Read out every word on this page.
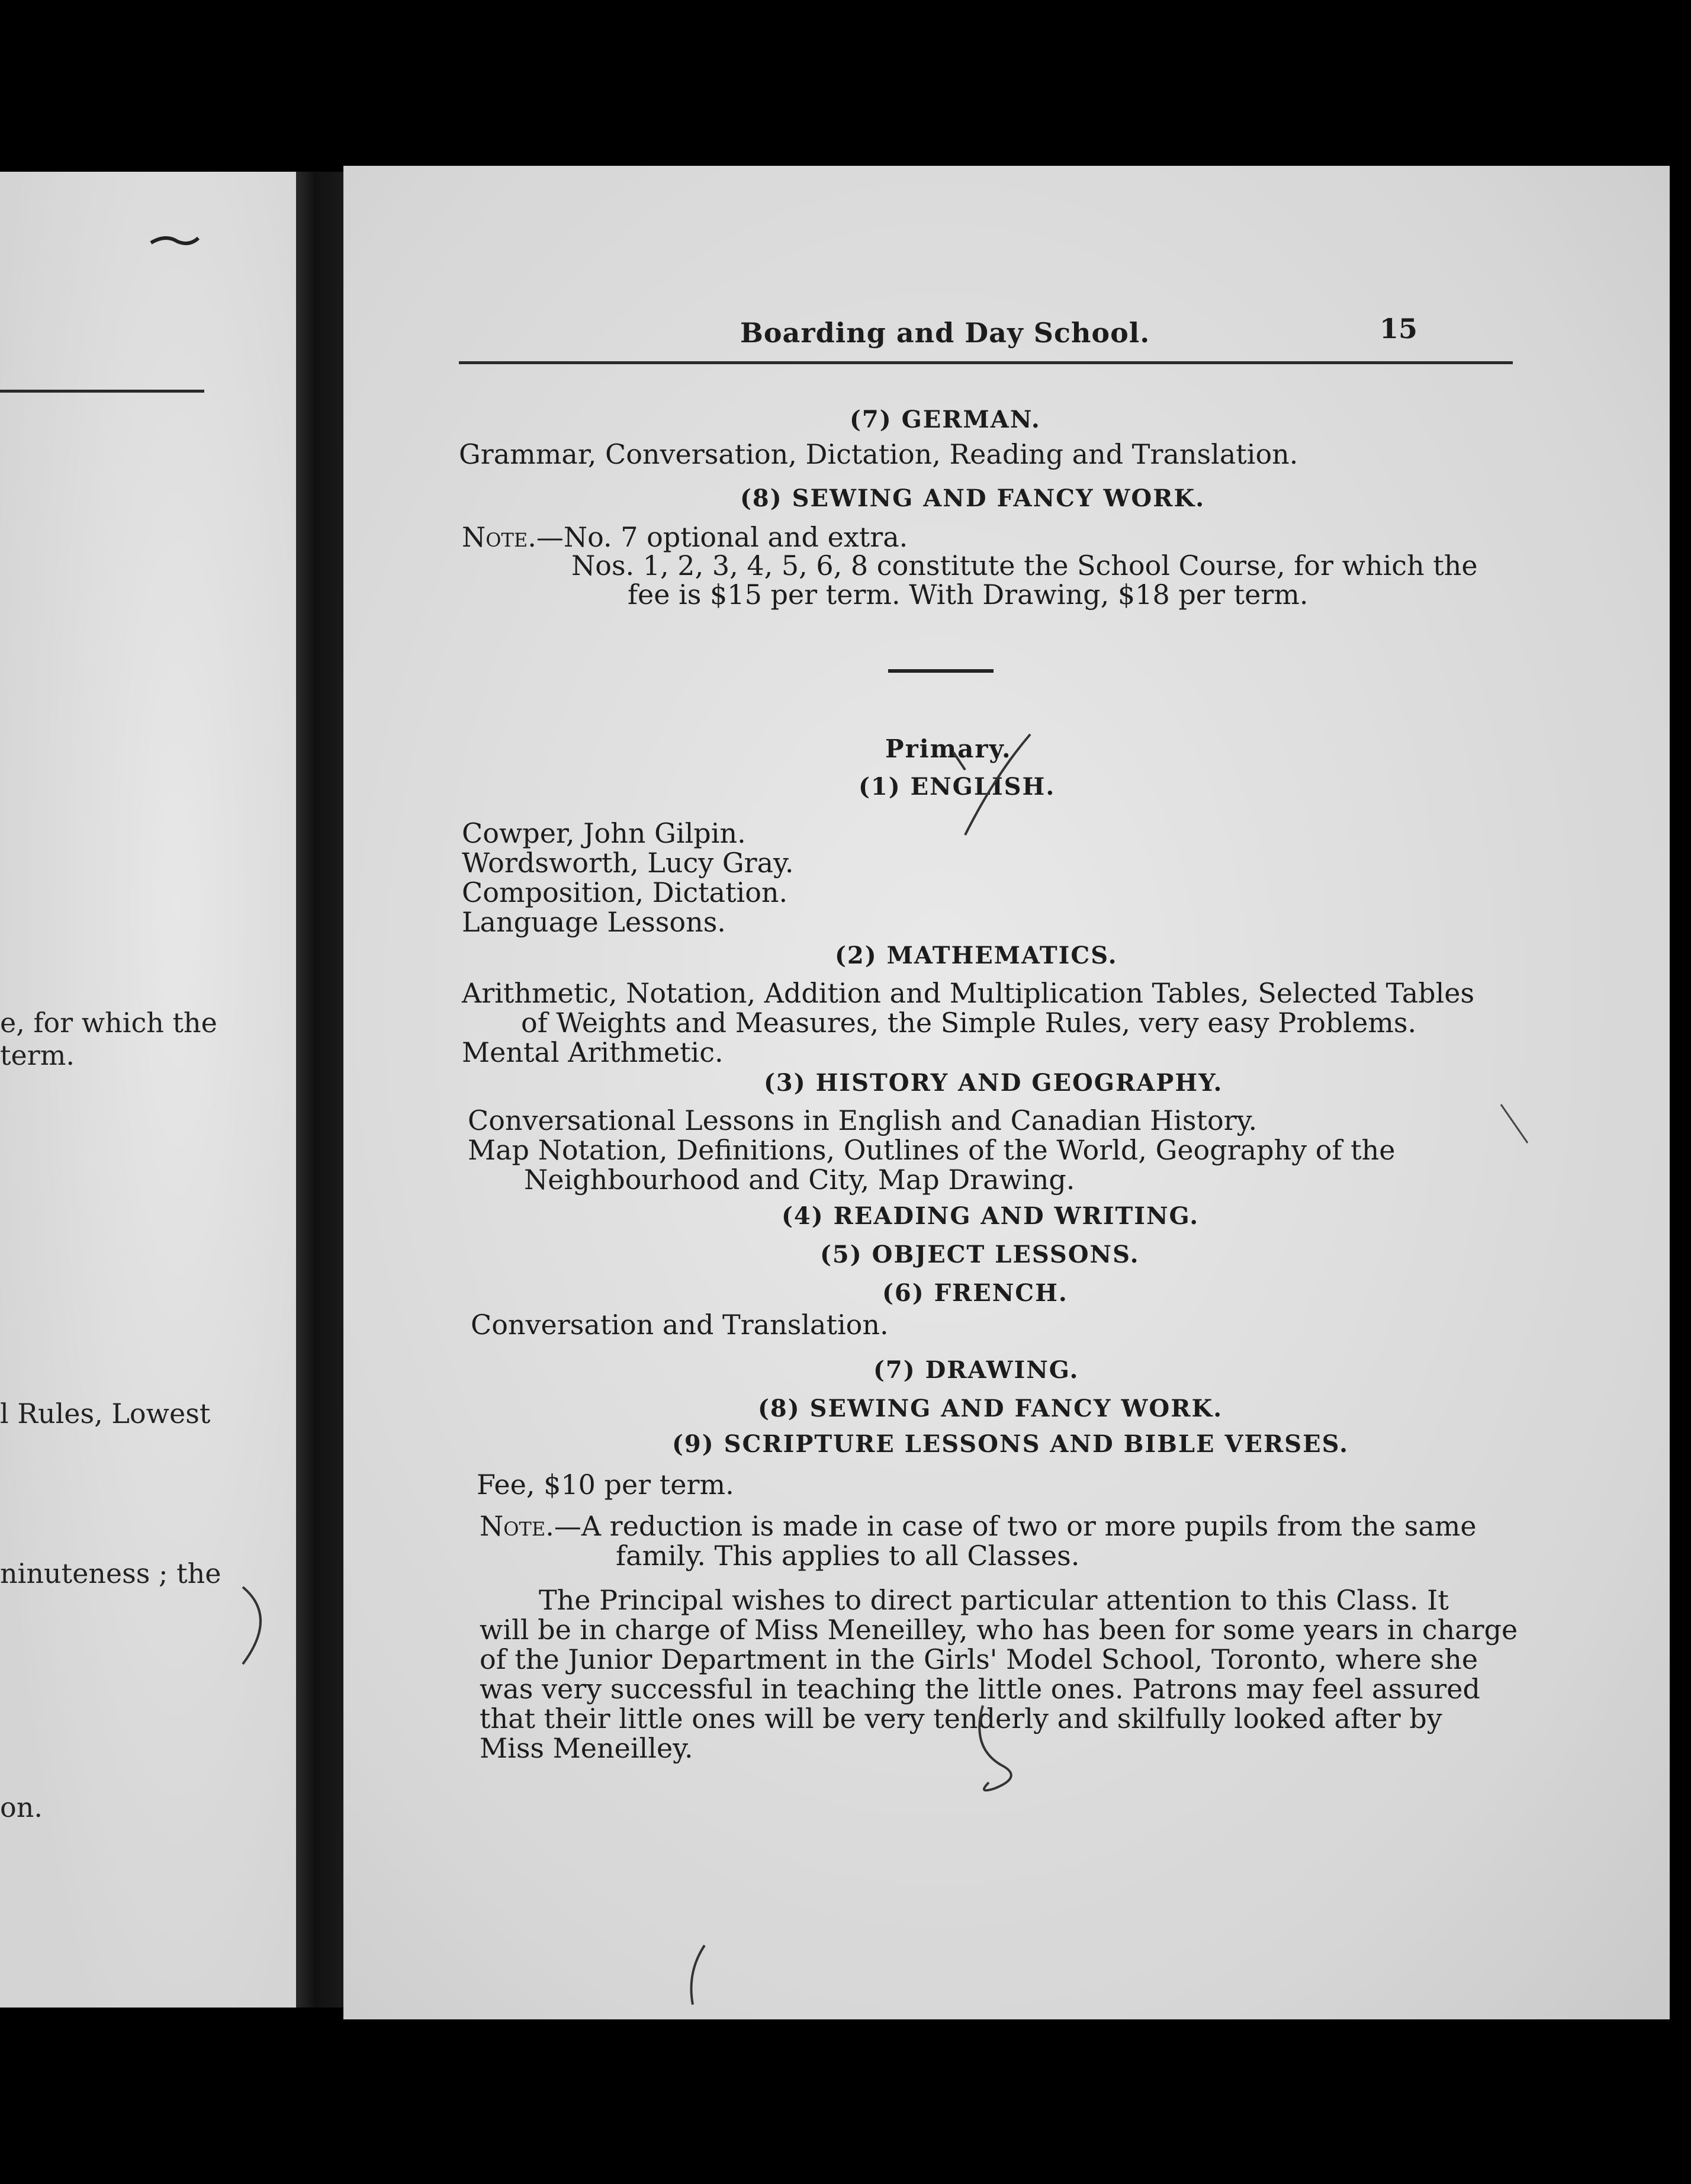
e, for which the
term.
l Rules, Lowest
ninuteness ; the
on.
Boarding and Day School.	15
(7) GERMAN.
Grammar, Conversation, Dictation, Reading and Translation.
(8) SEWING AND FANCY WORK.
Note.—No. 7 optional and extra.
Nos. 1, 2, 3, 4, 5, 6, 8 constitute the School Course, for which the
fee is $15 per term. With Drawing, $18 per term.
Primary.
(1) ENGLISH.
Cowper, John Gilpin.
Wordsworth, Lucy Gray.
Composition, Dictation.
Language Lessons.
(2) MATHEMATICS.
Arithmetic, Notation, Addition and Multiplication Tables, Selected Tables
of Weights and Measures, the Simple Rules, very easy Problems.
Mental Arithmetic.
(3) HISTORY AND GEOGRAPHY.
Conversational Lessons in English and Canadian History.
Map Notation, Definitions, Outlines of the World, Geography of the
Neighbourhood and City, Map Drawing.
(4) READING AND WRITING.
(5) OBJECT LESSONS.
(6) FRENCH.
Conversation and Translation.
(7) DRAWING.
(8) SEWING AND FANCY WORK.
(9) SCRIPTURE LESSONS AND BIBLE VERSES.
Fee, $10 per term.
Note.—A reduction is made in case of two or more pupils from the same
family. This applies to all Classes.
The Principal wishes to direct particular attention to this Class. It
will be in charge of Miss Meneilley, who has been for some years in charge
of the Junior Department in the Girls' Model School, Toronto, where she
was very successful in teaching the little ones. Patrons may feel assured
that their little ones will be very tenderly and skilfully looked after by
Miss Meneilley.
